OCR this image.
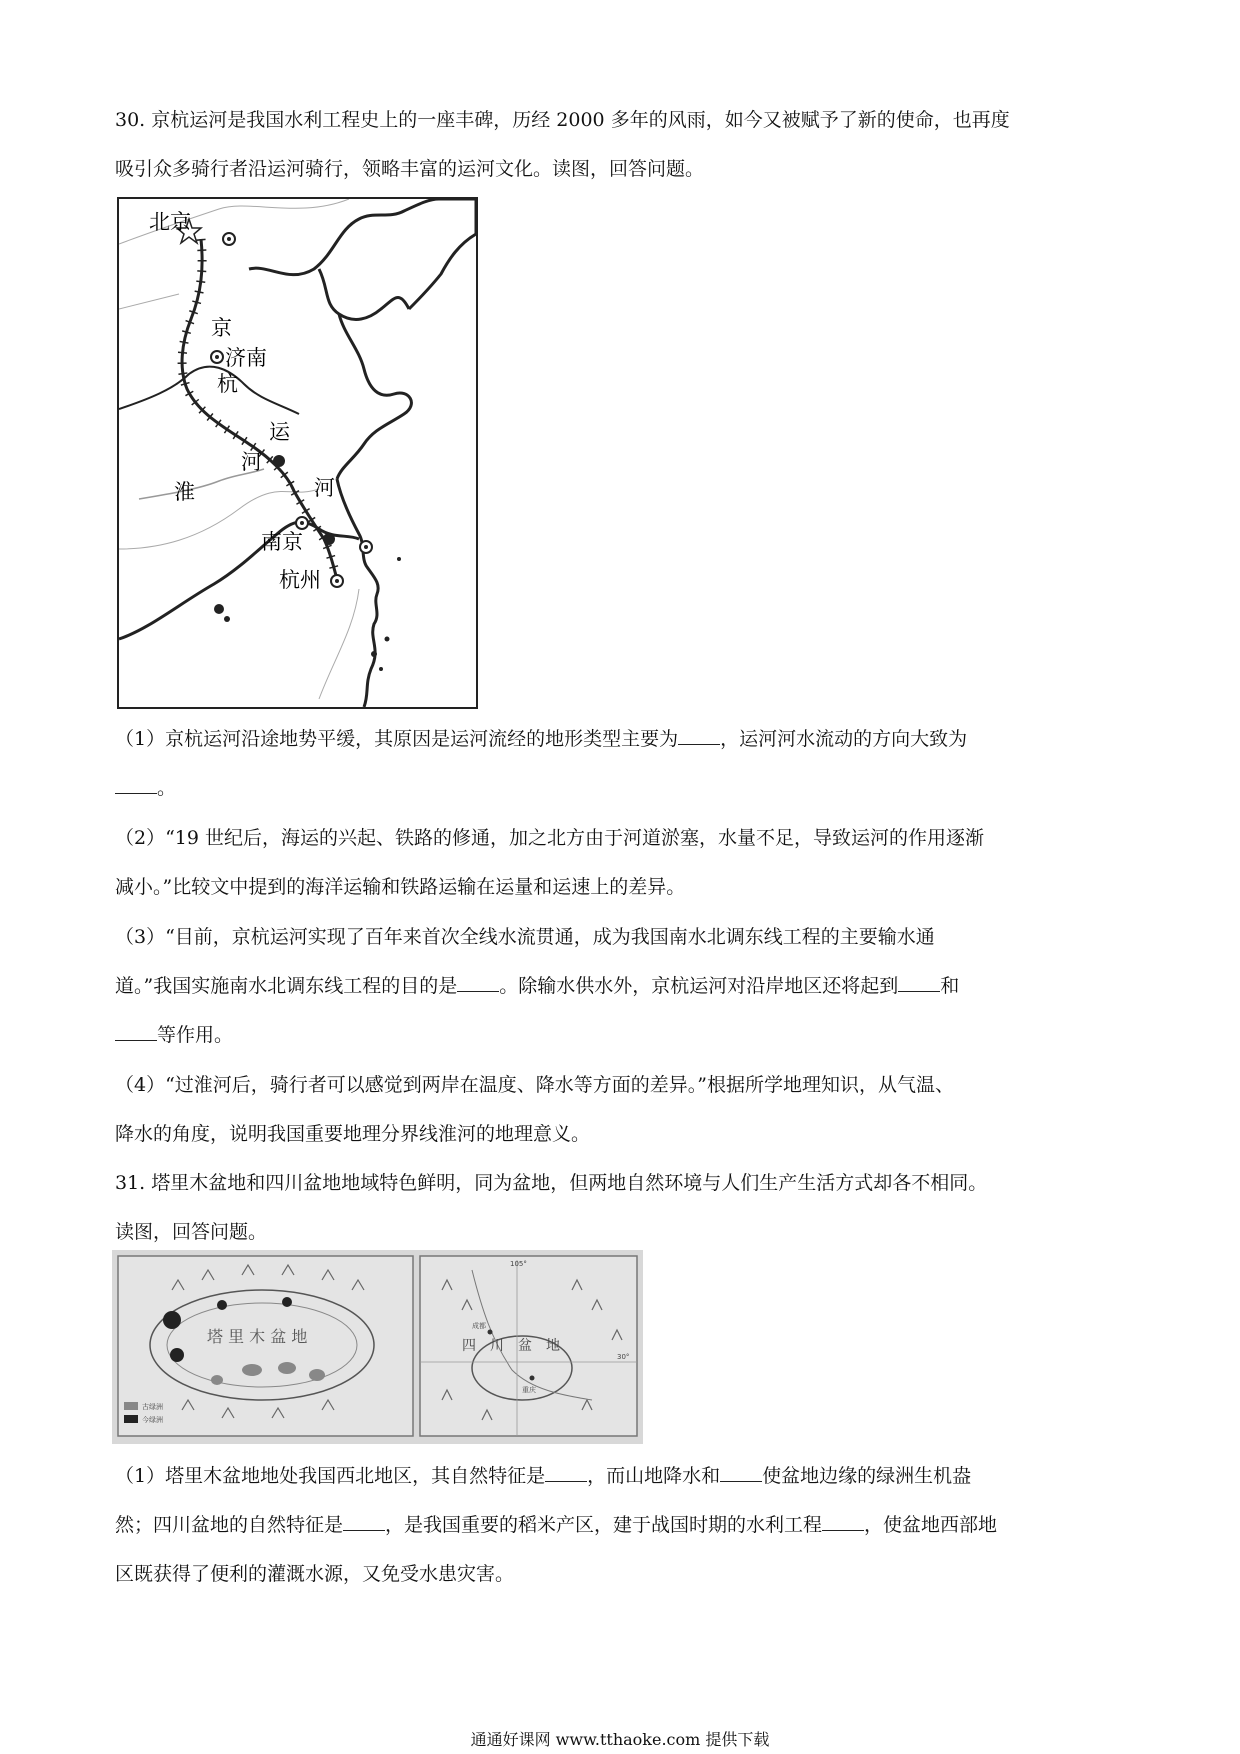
30. 京杭运河是我国水利工程史上的一座丰碑，历经 2000 多年的风雨，如今又被赋予了新的使命，也再度
吸引众多骑行者沿运河骑行，领略丰富的运河文化。读图，回答问题。
北京
京
济南
杭
运
河
淮	河
南京
杭州
（1）京杭运河沿途地势平缓，其原因是运河流经的地形类型主要为 ，运河河水流动的方向大致为
。
（2）“19 世纪后，海运的兴起、铁路的修通，加之北方由于河道淤塞，水量不足，导致运河的作用逐渐
减小。”比较文中提到的海洋运输和铁路运输在运量和运速上的差异。
（3）“目前，京杭运河实现了百年来首次全线水流贯通，成为我国南水北调东线工程的主要输水通
道。”我国实施南水北调东线工程的目的是 。除输水供水外，京杭运河对沿岸地区还将起到 和
等作用。
（4）“过淮河后，骑行者可以感觉到两岸在温度、降水等方面的差异。”根据所学地理知识，从气温、
降水的角度，说明我国重要地理分界线淮河的地理意义。
31. 塔里木盆地和四川盆地地域特色鲜明，同为盆地，但两地自然环境与人们生产生活方式却各不相同。
读图，回答问题。
塔 里 木 盆 地
古绿洲
今绿洲
105°
30°
四　川　盆　地
成都
重庆
（1）塔里木盆地地处我国西北地区，其自然特征是 ，而山地降水和 使盆地边缘的绿洲生机盎
然；四川盆地的自然特征是 ，是我国重要的稻米产区，建于战国时期的水利工程 ，使盆地西部地
区既获得了便利的灌溉水源，又免受水患灾害。
通通好课网 www.tthaoke.com 提供下载
